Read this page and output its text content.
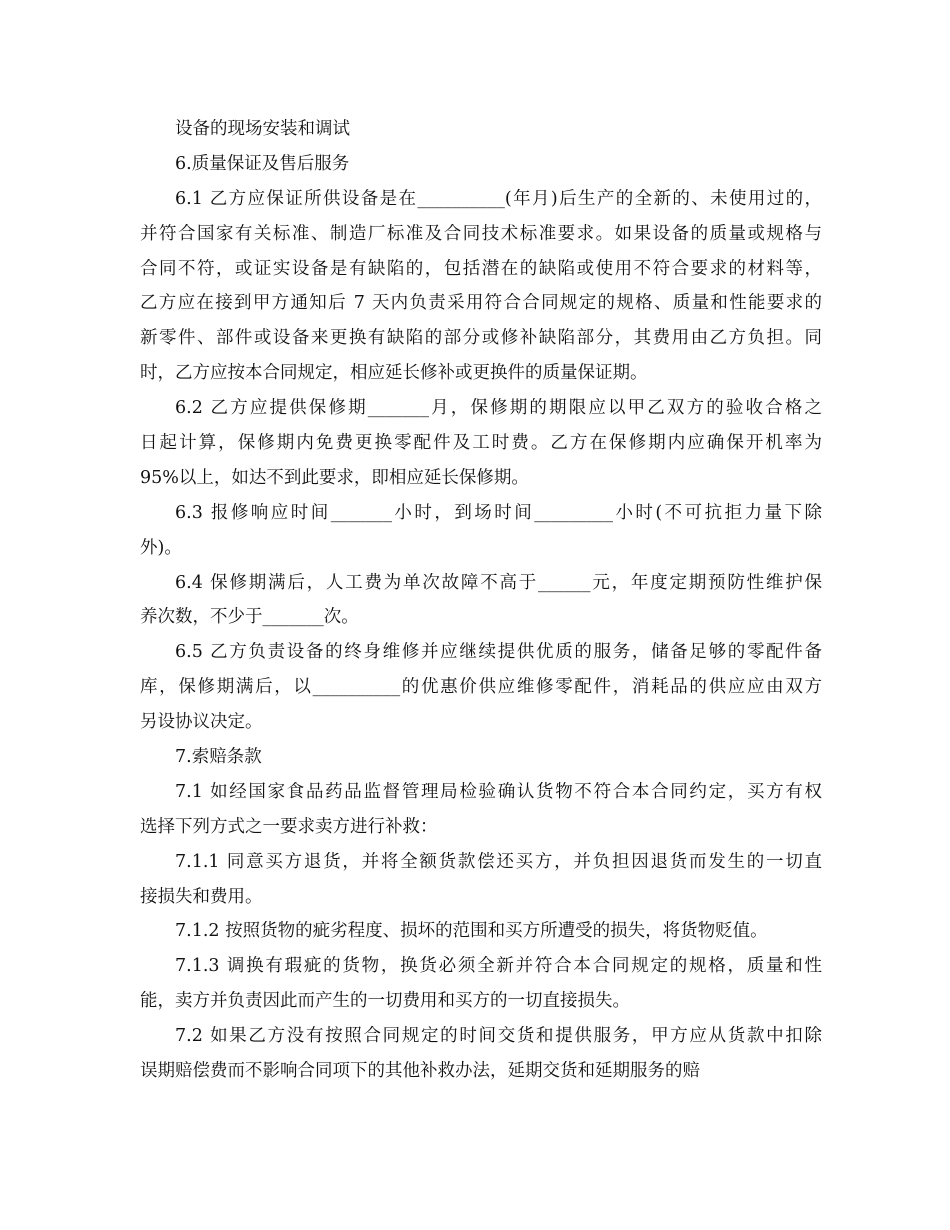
设备的现场安装和调试
6.质量保证及售后服务
6.1 乙方应保证所供设备是在__________(年月)后生产的全新的、未使用过的，
并符合国家有关标准、制造厂标准及合同技术标准要求。如果设备的质量或规格与
合同不符，或证实设备是有缺陷的，包括潜在的缺陷或使用不符合要求的材料等，
乙方应在接到甲方通知后 7 天内负责采用符合合同规定的规格、质量和性能要求的
新零件、部件或设备来更换有缺陷的部分或修补缺陷部分，其费用由乙方负担。同
时，乙方应按本合同规定，相应延长修补或更换件的质量保证期。
6.2 乙方应提供保修期_______月，保修期的期限应以甲乙双方的验收合格之
日起计算，保修期内免费更换零配件及工时费。乙方在保修期内应确保开机率为
95%以上，如达不到此要求，即相应延长保修期。
6.3 报修响应时间_______小时，到场时间_________小时(不可抗拒力量下除
外)。
6.4 保修期满后，人工费为单次故障不高于______元，年度定期预防性维护保
养次数，不少于_______次。
6.5 乙方负责设备的终身维修并应继续提供优质的服务，储备足够的零配件备
库，保修期满后，以__________的优惠价供应维修零配件，消耗品的供应应由双方
另设协议决定。
7.索赔条款
7.1 如经国家食品药品监督管理局检验确认货物不符合本合同约定，买方有权
选择下列方式之一要求卖方进行补救：
7.1.1 同意买方退货，并将全额货款偿还买方，并负担因退货而发生的一切直
接损失和费用。
7.1.2 按照货物的疵劣程度、损坏的范围和买方所遭受的损失，将货物贬值。
7.1.3 调换有瑕疵的货物，换货必须全新并符合本合同规定的规格，质量和性
能，卖方并负责因此而产生的一切费用和买方的一切直接损失。
7.2 如果乙方没有按照合同规定的时间交货和提供服务，甲方应从货款中扣除
误期赔偿费而不影响合同项下的其他补救办法，延期交货和延期服务的赔
